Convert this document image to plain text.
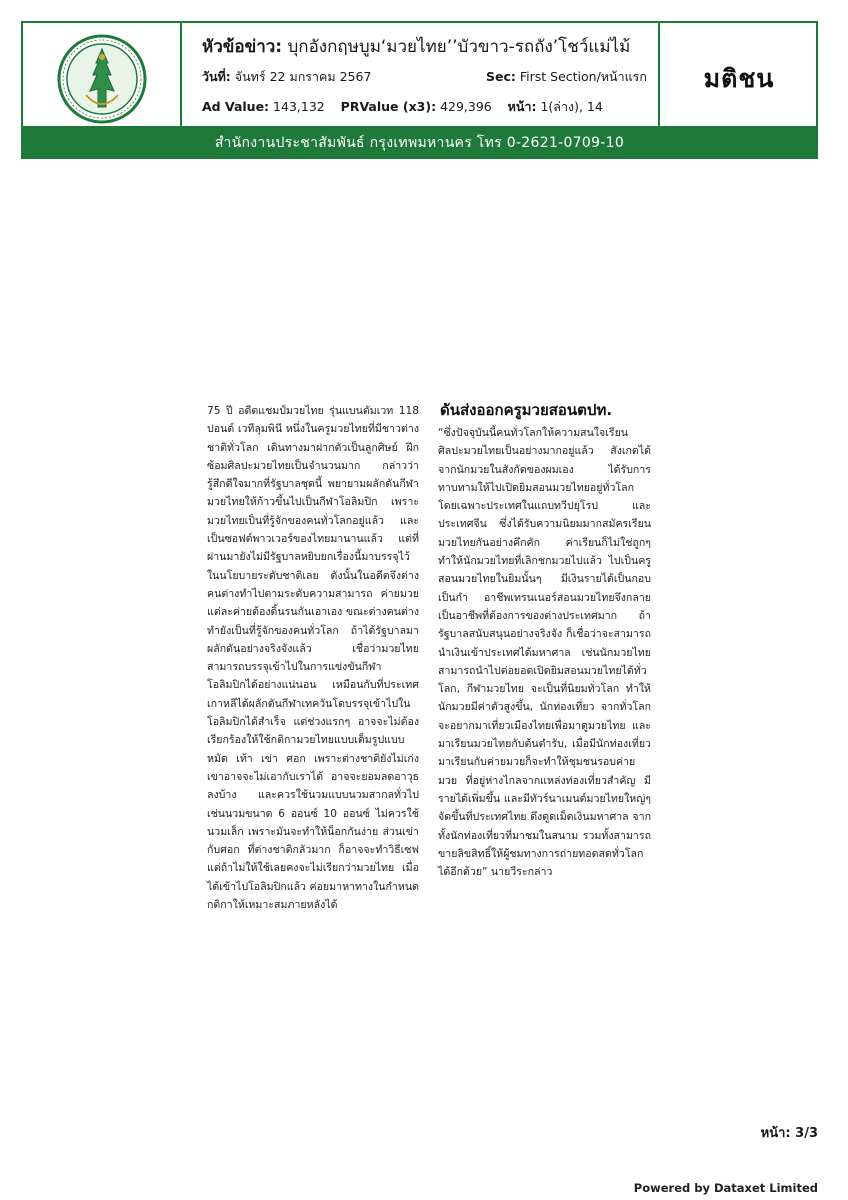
หัวข้อข่าว: บุกอังกฤษบูม‘มวยไทย’’บัวขาว-รถถัง’โชว์แม่ไม้
วันที่: จันทร์ 22 มกราคม 2567	Sec: First Section/หน้าแรก
Ad Value: 143,132 PRValue (x3): 429,396 หน้า: 1(ล่าง), 14
มติชน
สำนักงานประชาสัมพันธ์ กรุงเทพมหานคร โทร 0-2621-0709-10
75 ปี อดีตแชมป์มวยไทย รุ่นแบนตัมเวท 118 ปอนด์ เวทีลุมพินี หนึ่งในครูมวยไทยที่มีชาวต่างชาติทั่วโลก เดินทางมาฝากตัวเป็นลูกศิษย์ ฝึกซ้อมศิลปะมวยไทยเป็นจำนวนมาก กล่าวว่า รู้สึกดีใจมากที่รัฐบาลชุดนี้ พยายามผลักดันกีฬามวยไทยให้ก้าวขึ้นไปเป็นกีฬาโอลิมปิก เพราะมวยไทยเป็นที่รู้จักของคนทั่วโลกอยู่แล้ว และเป็นซอฟต์พาวเวอร์ของไทยมานานแล้ว แต่ที่ผ่านมายังไม่มีรัฐบาลหยิบยกเรื่องนี้มาบรรจุไว้ในนโยบายระดับชาติเลย ดังนั้นในอดีตจึงต่างคนต่างทำไปตามระดับความสามารถ ค่ายมวยแต่ละค่ายต้องดิ้นรนกันเอาเอง ขณะต่างคนต่างทำยังเป็นที่รู้จักของคนทั่วโลก ถ้าได้รัฐบาลมาผลักดันอย่างจริงจังแล้ว เชื่อว่ามวยไทยสามารถบรรจุเข้าไปในการแข่งขันกีฬาโอลิมปิกได้อย่างแน่นอน เหมือนกับที่ประเทศเกาหลีได้ผลักดันกีฬาเทควันโดบรรจุเข้าไปในโอลิมปิกได้สำเร็จ แต่ช่วงแรกๆ อาจจะไม่ต้องเรียกร้องให้ใช้กติกามวยไทยแบบเต็มรูปแบบ หมัด เท้า เข่า ศอก เพราะต่างชาติยังไม่เก่ง เขาอาจจะไม่เอากับเราได้ อาจจะยอมลดอาวุธลงบ้าง และควรใช้นวมแบบนวมสากลทั่วไป เช่นนวมขนาด 6 ออนซ์ 10 ออนซ์ ไม่ควรใช้นวมเล็ก เพราะมันจะทำให้น็อกกันง่าย ส่วนเข่ากับศอก ที่ต่างชาติกลัวมาก ก็อาจจะทำวิธีเซฟ แต่ถ้าไม่ให้ใช้เลยคงจะไม่เรียกว่ามวยไทย เมื่อได้เข้าไปโอลิมปิกแล้ว ค่อยมาหาทางในกำหนดกติกาให้เหมาะสมภายหลังได้
ดันส่งออกครูมวยสอนตปท.
“ซึ่งปัจจุบันนี้คนทั่วโลกให้ความสนใจเรียนศิลปะมวยไทยเป็นอย่างมากอยู่แล้ว สังเกตได้จากนักมวยในสังกัดของผมเอง ได้รับการทาบทามให้ไปเปิดยิมสอนมวยไทยอยู่ทั่วโลก โดยเฉพาะประเทศในแถบทวีปยุโรป และประเทศจีน ซึ่งได้รับความนิยมมากสมัครเรียนมวยไทยกันอย่างคึกคัก ค่าเรียนก็ไม่ใช่ถูกๆ ทำให้นักมวยไทยที่เลิกชกมวยไปแล้ว ไปเป็นครูสอนมวยไทยในยิมนั้นๆ มีเงินรายได้เป็นกอบเป็นกำ อาชีพเทรนเนอร์สอนมวยไทยจึงกลายเป็นอาชีพที่ต้องการของต่างประเทศมาก ถ้ารัฐบาลสนับสนุนอย่างจริงจัง ก็เชื่อว่าจะสามารถนำเงินเข้าประเทศได้มหาศาล เช่นนักมวยไทย สามารถนำไปต่อยอดเปิดยิมสอนมวยไทยได้ทั่วโลก, กีฬามวยไทย จะเป็นที่นิยมทั่วโลก ทำให้นักมวยมีค่าตัวสูงขึ้น, นักท่องเที่ยว จากทั่วโลก จะอยากมาเที่ยวเมืองไทยเพื่อมาดูมวยไทย และมาเรียนมวยไทยกับต้นตำรับ, เมื่อมีนักท่องเที่ยวมาเรียนกับค่ายมวยก็จะทำให้ชุมชนรอบค่ายมวย ที่อยู่ห่างไกลจากแหล่งท่องเที่ยวสำคัญ มีรายได้เพิ่มขึ้น และมีทัวร์นาเมนต์มวยไทยใหญ่ๆ จัดขึ้นที่ประเทศไทย ดึงดูดเม็ดเงินมหาศาล จากทั้งนักท่องเที่ยวที่มาชมในสนาม รวมทั้งสามารถขายลิขสิทธิ์ให้ผู้ชมทางการถ่ายทอดสดทั่วโลกได้อีกด้วย” นายวีระกล่าว
หน้า: 3/3
Powered by Dataxet Limited
